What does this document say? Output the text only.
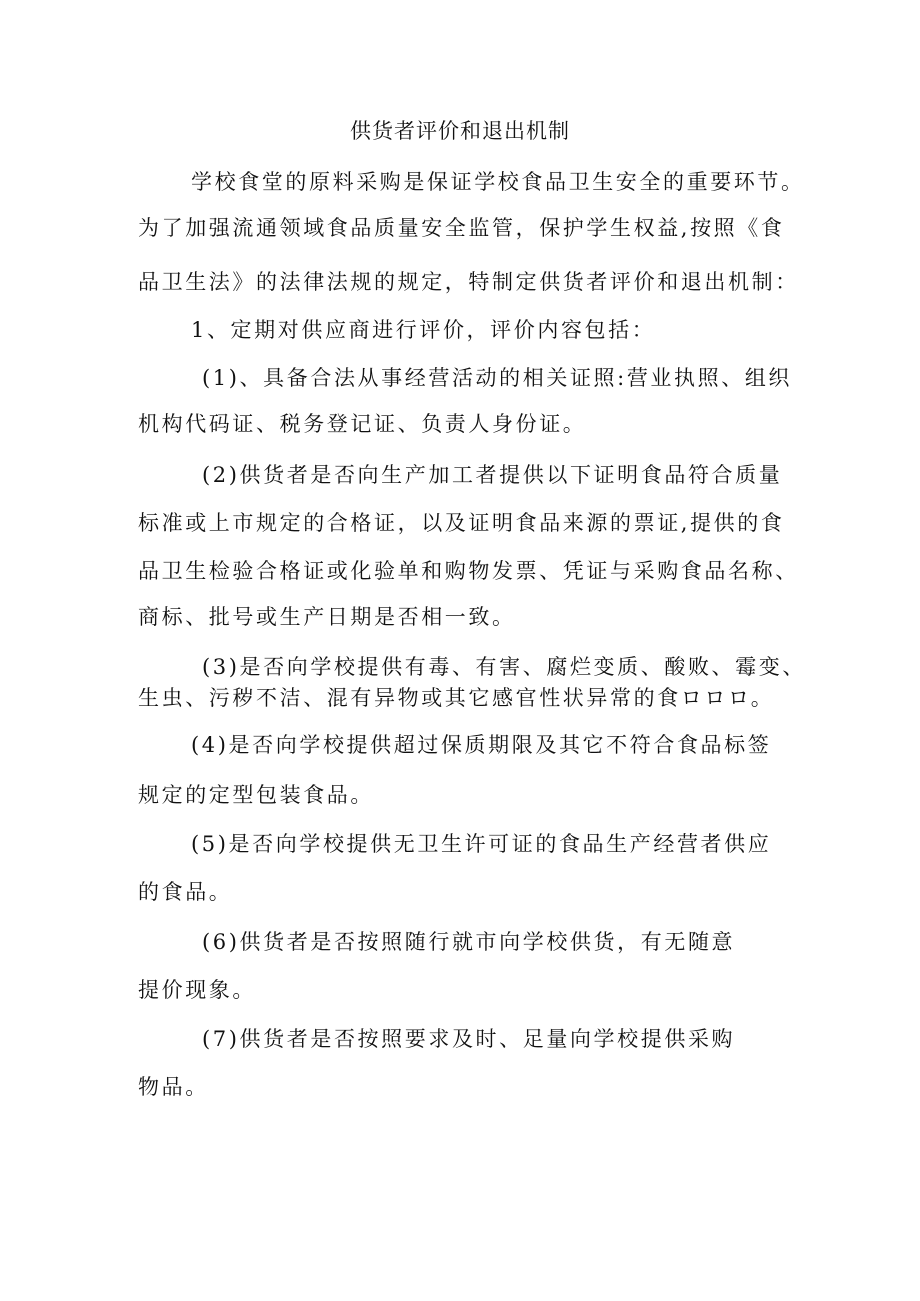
供货者评价和退出机制
学校食堂的原料采购是保证学校食品卫生安全的重要环节。
为了加强流通领域食品质量安全监管，保护学生权益,按照《食
品卫生法》的法律法规的规定，特制定供货者评价和退出机制：
1、定期对供应商进行评价，评价内容包括：
(1)、具备合法从事经营活动的相关证照:营业执照、组织
机构代码证、税务登记证、负责人身份证。
(2)供货者是否向生产加工者提供以下证明食品符合质量
标准或上市规定的合格证，以及证明食品来源的票证,提供的食
品卫生检验合格证或化验单和购物发票、凭证与采购食品名称、
商标、批号或生产日期是否相一致。
(3)是否向学校提供有毒、有害、腐烂变质、酸败、霉变、
生虫、污秽不洁、混有异物或其它感官性状异常的食ロロロ。
(4)是否向学校提供超过保质期限及其它不符合食品标签
规定的定型包装食品。
(5)是否向学校提供无卫生许可证的食品生产经营者供应
的食品。
(6)供货者是否按照随行就市向学校供货，有无随意
提价现象。
(7)供货者是否按照要求及时、足量向学校提供采购
物品。
